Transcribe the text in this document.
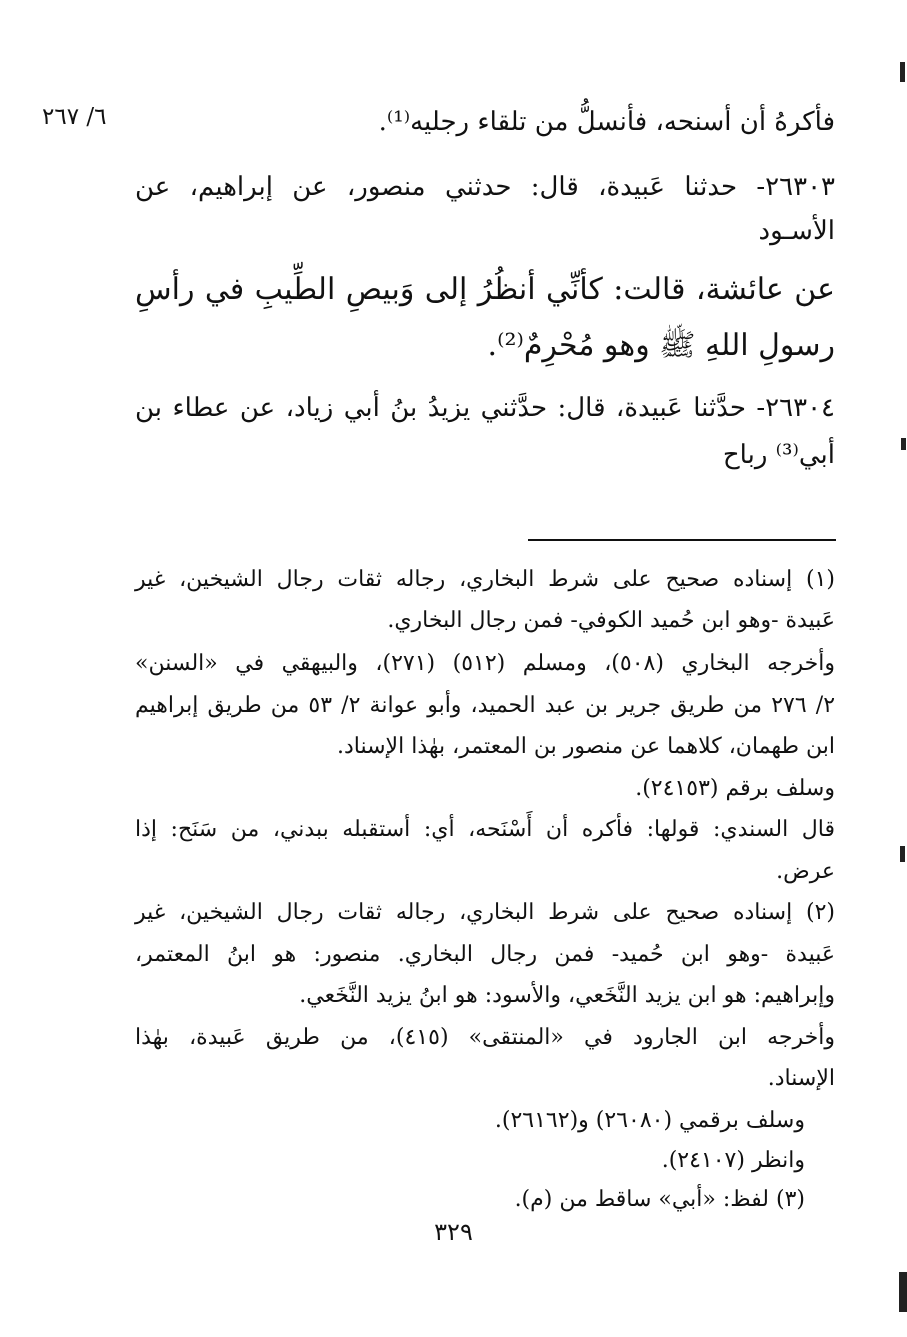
٦/ ٢٦٧	فأكرهُ أن أسنحه، فأنسلُّ من تلقاء رجليه⁽¹⁾.
٢٦٣٠٣- حدثنا عَبيدة، قال: حدثني منصور، عن إبراهيم، عن
الأسـود
عن عائشة، قالت: كأنِّي أنظُرُ إلى وَبيصِ الطِّيبِ في رأسِ
رسولِ اللهِ ﷺ وهو مُحْرِمٌ⁽²⁾.
٢٦٣٠٤- حدَّثنا عَبيدة، قال: حدَّثني يزيدُ بنُ أبي زياد، عن عطاء بن
أبي⁽³⁾ رباح
(١) إسناده صحيح على شرط البخاري، رجاله ثقات رجال الشيخين، غير
عَبيدة -وهو ابن حُميد الكوفي- فمن رجال البخاري.
وأخرجه البخاري (٥٠٨)، ومسلم (٥١٢) (٢٧١)، والبيهقي في «السنن»
٢/ ٢٧٦ من طريق جرير بن عبد الحميد، وأبو عوانة ٢/ ٥٣ من طريق إبراهيم
ابن طهمان، كلاهما عن منصور بن المعتمر، بهٰذا الإسناد.
وسلف برقم (٢٤١٥٣).
قال السندي: قولها: فأكره أن أَسْنَحه، أي: أستقبله ببدني، من سَنَح: إذا
عرض.
(٢) إسناده صحيح على شرط البخاري، رجاله ثقات رجال الشيخين، غير
عَبيدة -وهو ابن حُميد- فمن رجال البخاري. منصور: هو ابنُ المعتمر،
وإبراهيم: هو ابن يزيد النَّخَعي، والأسود: هو ابنُ يزيد النَّخَعي.
وأخرجه ابن الجارود في «المنتقى» (٤١٥)، من طريق عَبيدة، بهٰذا
الإسناد.
وسلف برقمي (٢٦٠٨٠) و(٢٦١٦٢).
وانظر (٢٤١٠٧).
(٣) لفظ: «أبي» ساقط من (م).
٣٢٩
